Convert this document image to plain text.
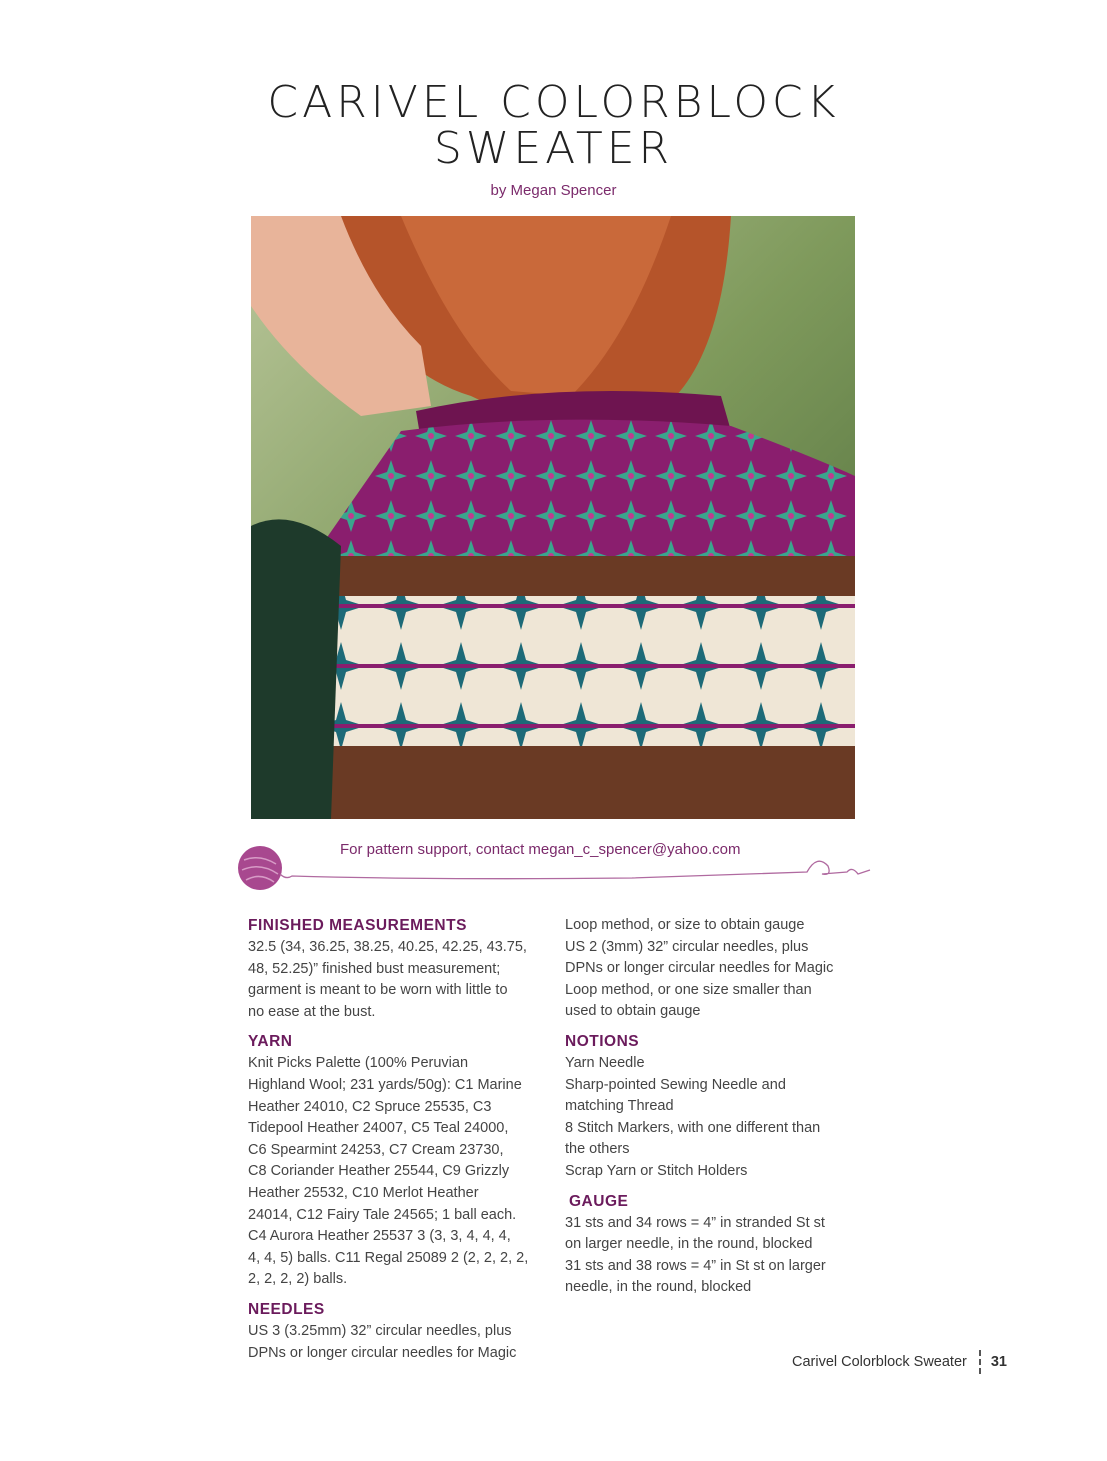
CARIVEL COLORBLOCK
SWEATER
by Megan Spencer
For pattern support, contact megan_c_spencer@yahoo.com
FINISHED MEASUREMENTS

32.5 (34, 36.25, 38.25, 40.25, 42.25, 43.75,

48, 52.25)” finished bust measurement;

garment is meant to be worn with little to

no ease at the bust.

YARN

Knit Picks Palette (100% Peruvian

Highland Wool; 231 yards/50g): C1 Marine

Heather 24010, C2 Spruce 25535, C3

Tidepool Heather 24007, C5 Teal 24000,

C6 Spearmint 24253, C7 Cream 23730,

C8 Coriander Heather 25544, C9 Grizzly

Heather 25532, C10 Merlot Heather

24014, C12 Fairy Tale 24565; 1 ball each.

C4 Aurora Heather 25537 3 (3, 3, 4, 4, 4,

4, 4, 5) balls. C11 Regal 25089 2 (2, 2, 2, 2,

2, 2, 2, 2) balls.

NEEDLES

US 3 (3.25mm) 32” circular needles, plus

DPNs or longer circular needles for Magic

Loop method, or size to obtain gauge

US 2 (3mm) 32” circular needles, plus

DPNs or longer circular needles for Magic

Loop method, or one size smaller than

used to obtain gauge

NOTIONS

Yarn Needle

Sharp-pointed Sewing Needle and

matching Thread

8 Stitch Markers, with one different than

the others

Scrap Yarn or Stitch Holders

GAUGE

31 sts and 34 rows = 4” in stranded St st

on larger needle, in the round, blocked

31 sts and 38 rows = 4” in St st on larger

needle, in the round, blocked

Carivel Colorblock Sweater 31
